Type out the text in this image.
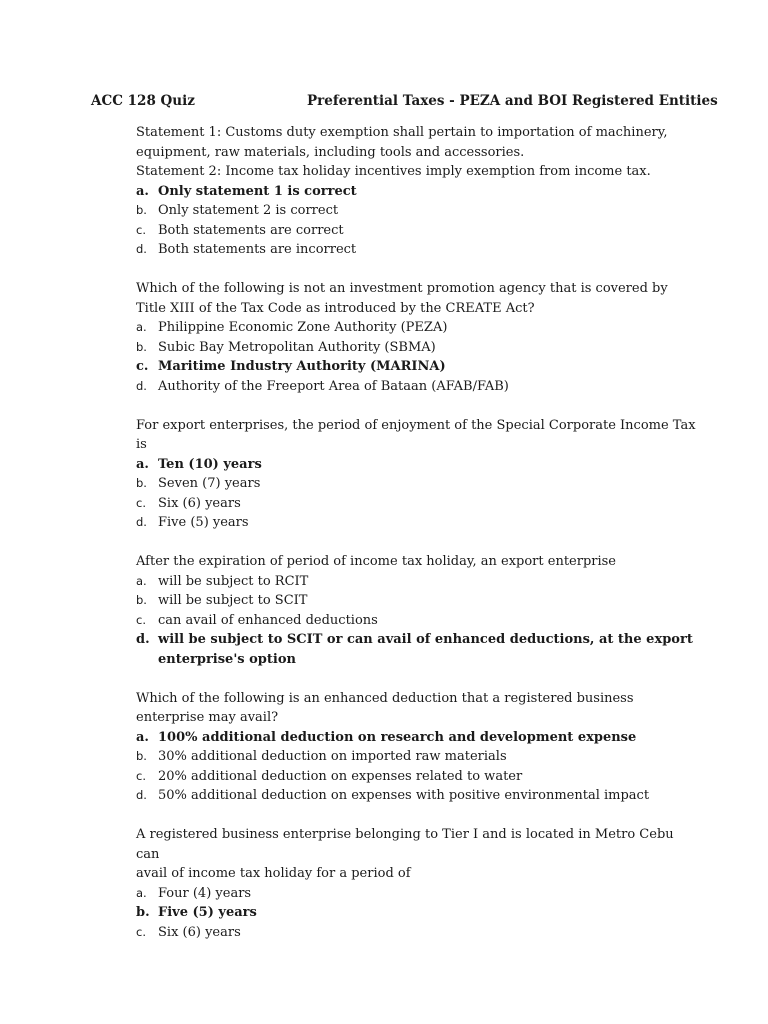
ACC 128 Quiz	Preferential Taxes - PEZA and BOI Registered Entities
Statement 1: Customs duty exemption shall pertain to importation of machinery,
equipment, raw materials, including tools and accessories.
Statement 2: Income tax holiday incentives imply exemption from income tax.
a. Only statement 1 is correct
b. Only statement 2 is correct
c. Both statements are correct
d. Both statements are incorrect
Which of the following is not an investment promotion agency that is covered by
Title XIII of the Tax Code as introduced by the CREATE Act?
a. Philippine Economic Zone Authority (PEZA)
b. Subic Bay Metropolitan Authority (SBMA)
c. Maritime Industry Authority (MARINA)
d. Authority of the Freeport Area of Bataan (AFAB/FAB)
For export enterprises, the period of enjoyment of the Special Corporate Income Tax
is
a. Ten (10) years
b. Seven (7) years
c. Six (6) years
d. Five (5) years
After the expiration of period of income tax holiday, an export enterprise
a. will be subject to RCIT
b. will be subject to SCIT
c. can avail of enhanced deductions
d. will be subject to SCIT or can avail of enhanced deductions, at the export enterprise's option
Which of the following is an enhanced deduction that a registered business
enterprise may avail?
a. 100% additional deduction on research and development expense
b. 30% additional deduction on imported raw materials
c. 20% additional deduction on expenses related to water
d. 50% additional deduction on expenses with positive environmental impact
A registered business enterprise belonging to Tier I and is located in Metro Cebu can
avail of income tax holiday for a period of
a. Four (4) years
b. Five (5) years
c. Six (6) years
